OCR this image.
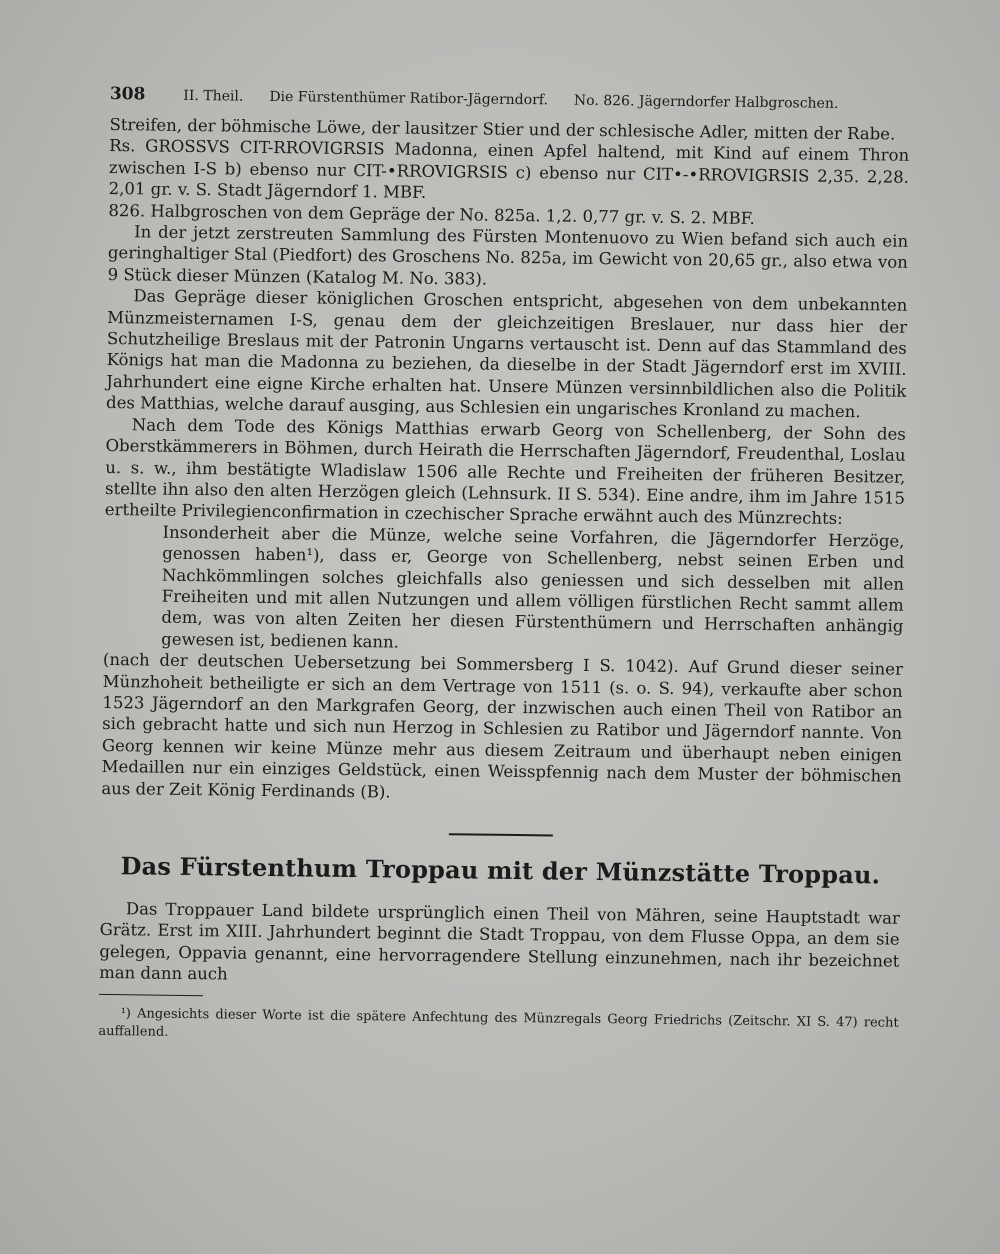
308	II. Theil. Die Fürstenthümer Ratibor-Jägerndorf. No. 826. Jägerndorfer Halbgroschen.

Streifen, der böhmische Löwe, der lausitzer Stier und der schlesische Adler, mitten der Rabe.

Rs. GROSSVS CIT-RROVIGRSIS Madonna, einen Apfel haltend, mit Kind auf einem Thron zwischen I-S b) ebenso nur CIT-•RROVIGRSIS c) ebenso nur CIT•-•RROVIGRSIS 2,35. 2,28. 2,01 gr. v. S. Stadt Jägerndorf 1. MBF.

826. Halbgroschen von dem Gepräge der No. 825a. 1,2. 0,77 gr. v. S. 2. MBF.

In der jetzt zerstreuten Sammlung des Fürsten Montenuovo zu Wien befand sich auch ein geringhaltiger Stal (Piedfort) des Groschens No. 825a, im Gewicht von 20,65 gr., also etwa von 9 Stück dieser Münzen (Katalog M. No. 383).

Das Gepräge dieser königlichen Groschen entspricht, abgesehen von dem unbekannten Münzmeisternamen I-S, genau dem der gleichzeitigen Breslauer, nur dass hier der Schutzheilige Breslaus mit der Patronin Ungarns vertauscht ist. Denn auf das Stammland des Königs hat man die Madonna zu beziehen, da dieselbe in der Stadt Jägerndorf erst im XVIII. Jahrhundert eine eigne Kirche erhalten hat. Unsere Münzen versinnbildlichen also die Politik des Matthias, welche darauf ausging, aus Schlesien ein ungarisches Kronland zu machen.

Nach dem Tode des Königs Matthias erwarb Georg von Schellenberg, der Sohn des Oberstkämmerers in Böhmen, durch Heirath die Herrschaften Jägerndorf, Freudenthal, Loslau u. s. w., ihm bestätigte Wladislaw 1506 alle Rechte und Freiheiten der früheren Besitzer, stellte ihn also den alten Herzögen gleich (Lehnsurk. II S. 534). Eine andre, ihm im Jahre 1515 ertheilte Privilegienconfirmation in czechischer Sprache erwähnt auch des Münzrechts:

Insonderheit aber die Münze, welche seine Vorfahren, die Jägerndorfer Herzöge, genossen haben¹), dass er, George von Schellenberg, nebst seinen Erben und Nachkömmlingen solches gleichfalls also geniessen und sich desselben mit allen Freiheiten und mit allen Nutzungen und allem völligen fürstlichen Recht sammt allem dem, was von alten Zeiten her diesen Fürstenthümern und Herrschaften anhängig gewesen ist, bedienen kann.

(nach der deutschen Uebersetzung bei Sommersberg I S. 1042). Auf Grund dieser seiner Münzhoheit betheiligte er sich an dem Vertrage von 1511 (s. o. S. 94), verkaufte aber schon 1523 Jägerndorf an den Markgrafen Georg, der inzwischen auch einen Theil von Ratibor an sich gebracht hatte und sich nun Herzog in Schlesien zu Ratibor und Jägerndorf nannte. Von Georg kennen wir keine Münze mehr aus diesem Zeitraum und überhaupt neben einigen Medaillen nur ein einziges Geldstück, einen Weisspfennig nach dem Muster der böhmischen aus der Zeit König Ferdinands (B).

Das Fürstenthum Troppau mit der Münzstätte Troppau.

Das Troppauer Land bildete ursprünglich einen Theil von Mähren, seine Hauptstadt war Grätz. Erst im XIII. Jahrhundert beginnt die Stadt Troppau, von dem Flusse Oppa, an dem sie gelegen, Oppavia genannt, eine hervorragendere Stellung einzunehmen, nach ihr bezeichnet man dann auch

¹) Angesichts dieser Worte ist die spätere Anfechtung des Münzregals Georg Friedrichs (Zeitschr. XI S. 47) recht auffallend.
